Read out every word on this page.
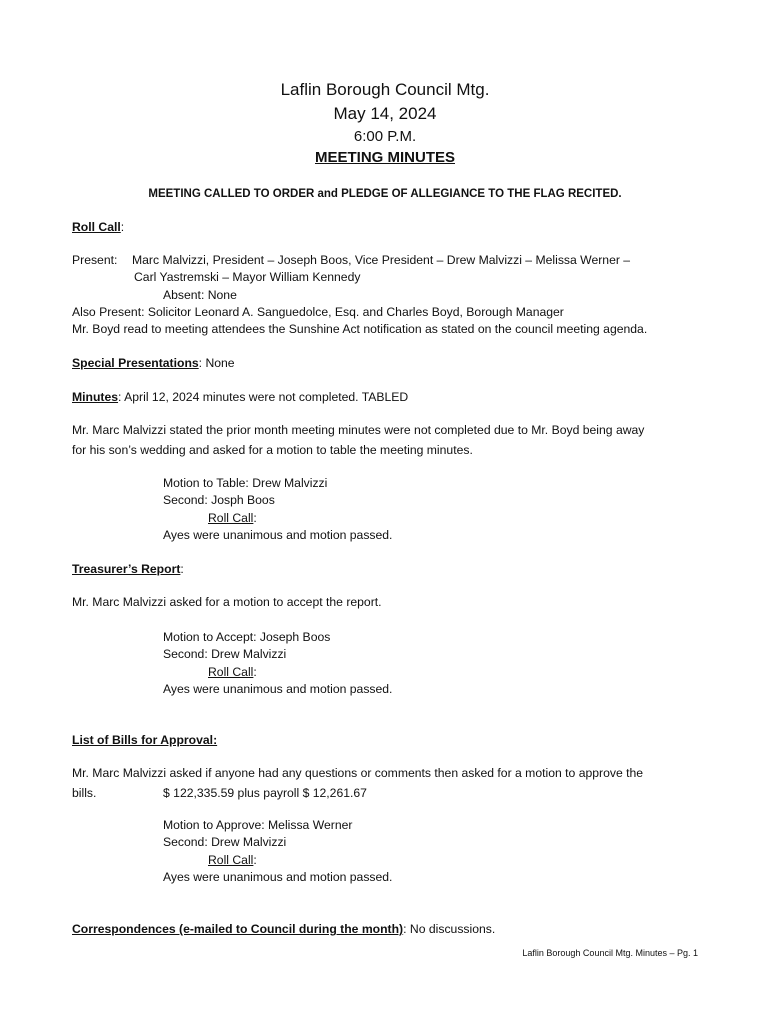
Laflin Borough Council Mtg.
May 14, 2024
6:00 P.M.
MEETING MINUTES
MEETING CALLED TO ORDER and PLEDGE OF ALLEGIANCE TO THE FLAG RECITED.
Roll Call:
Present: Marc Malvizzi, President – Joseph Boos, Vice President – Drew Malvizzi – Melissa Werner –
Carl Yastremski – Mayor William Kennedy
Absent: None
Also Present: Solicitor Leonard A. Sanguedolce, Esq. and Charles Boyd, Borough Manager
Mr. Boyd read to meeting attendees the Sunshine Act notification as stated on the council meeting agenda.
Special Presentations: None
Minutes: April 12, 2024 minutes were not completed. TABLED
Mr. Marc Malvizzi stated the prior month meeting minutes were not completed due to Mr. Boyd being away
for his son’s wedding and asked for a motion to table the meeting minutes.
Motion to Table: Drew Malvizzi
Second: Josph Boos
Roll Call:
Ayes were unanimous and motion passed.
Treasurer’s Report:
Mr. Marc Malvizzi asked for a motion to accept the report.
Motion to Accept: Joseph Boos
Second: Drew Malvizzi
Roll Call:
Ayes were unanimous and motion passed.
List of Bills for Approval:
Mr. Marc Malvizzi asked if anyone had any questions or comments then asked for a motion to approve the
bills.	$ 122,335.59 plus payroll $ 12,261.67
Motion to Approve: Melissa Werner
Second: Drew Malvizzi
Roll Call:
Ayes were unanimous and motion passed.
Correspondences (e-mailed to Council during the month): No discussions.
Laflin Borough Council Mtg. Minutes – Pg. 1
